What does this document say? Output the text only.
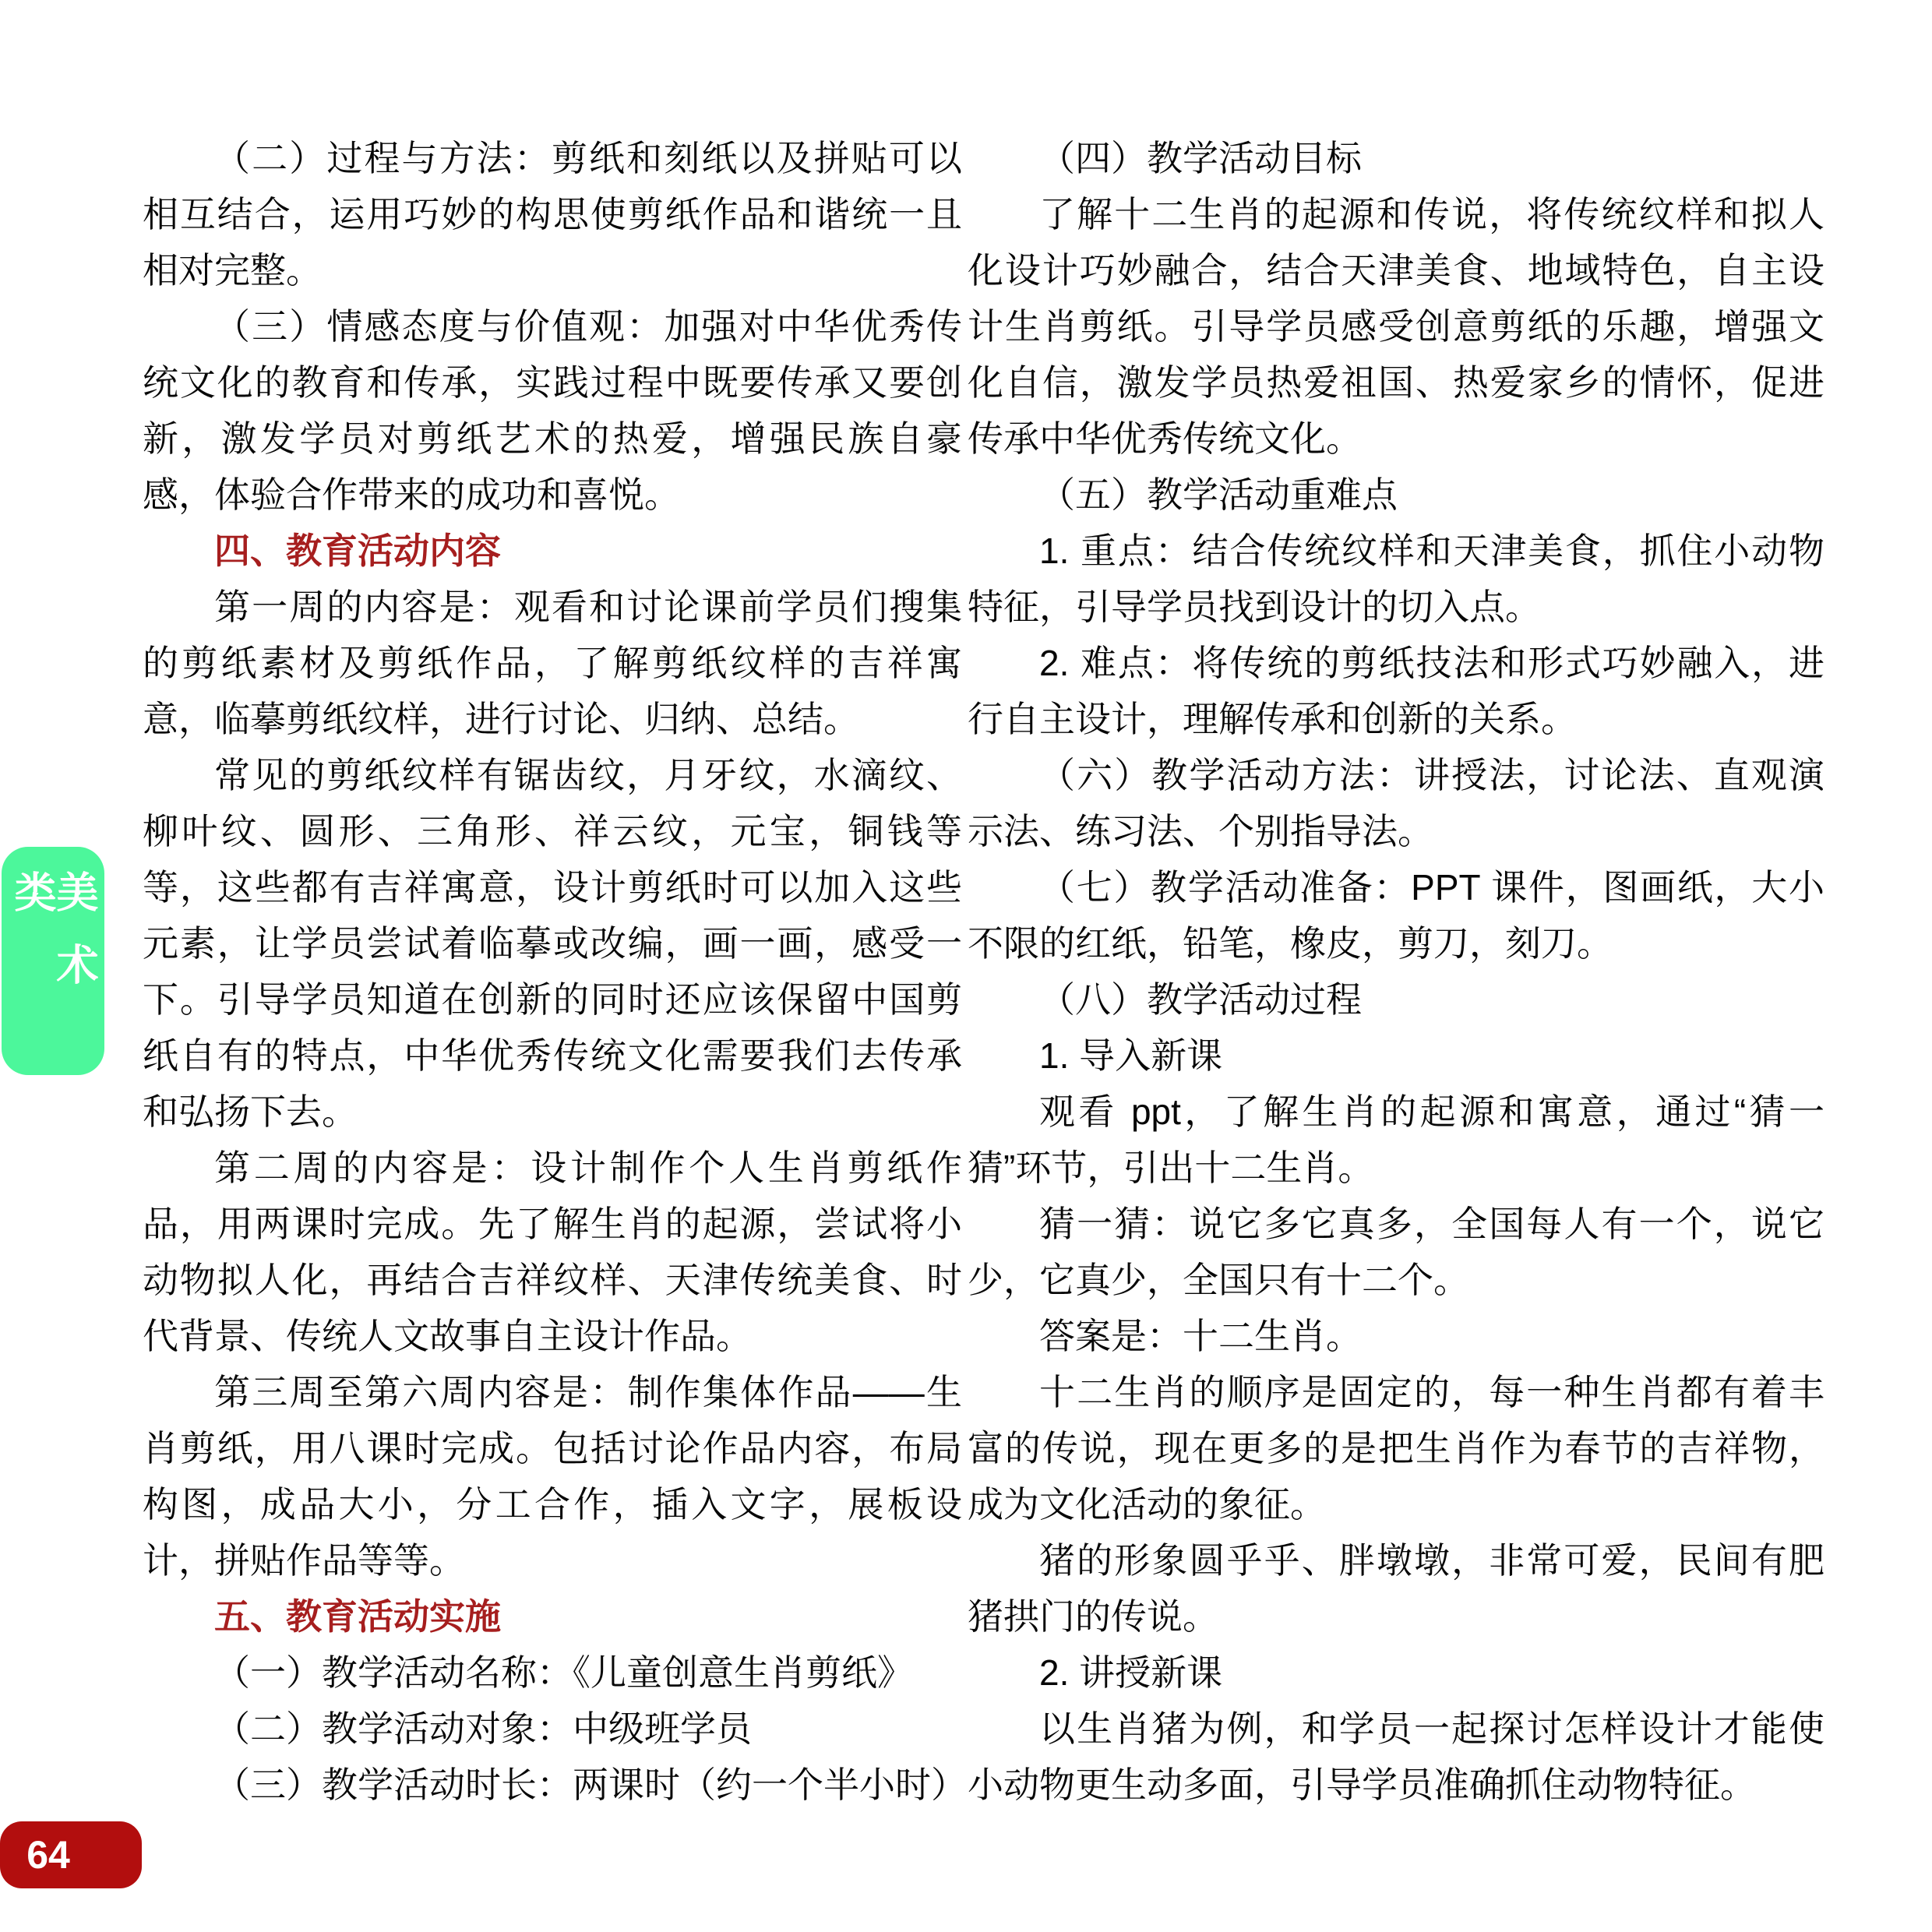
美术类

（二）过程与方法：剪纸和刻纸以及拼贴可以相互结合，运用巧妙的构思使剪纸作品和谐统一且相对完整。

（三）情感态度与价值观：加强对中华优秀传统文化的教育和传承，实践过程中既要传承又要创新，激发学员对剪纸艺术的热爱，增强民族自豪感，体验合作带来的成功和喜悦。

四、教育活动内容

第一周的内容是：观看和讨论课前学员们搜集的剪纸素材及剪纸作品，了解剪纸纹样的吉祥寓意，临摹剪纸纹样，进行讨论、归纳、总结。

常见的剪纸纹样有锯齿纹，月牙纹，水滴纹、柳叶纹、圆形、三角形、祥云纹，元宝，铜钱等等，这些都有吉祥寓意，设计剪纸时可以加入这些元素，让学员尝试着临摹或改编，画一画，感受一下。引导学员知道在创新的同时还应该保留中国剪纸自有的特点，中华优秀传统文化需要我们去传承和弘扬下去。

第二周的内容是：设计制作个人生肖剪纸作品，用两课时完成。先了解生肖的起源，尝试将小动物拟人化，再结合吉祥纹样、天津传统美食、时代背景、传统人文故事自主设计作品。

第三周至第六周内容是：制作集体作品——生肖剪纸，用八课时完成。包括讨论作品内容，布局构图，成品大小，分工合作，插入文字，展板设计，拼贴作品等等。

五、教育活动实施

（一）教学活动名称：《儿童创意生肖剪纸》

（二）教学活动对象：中级班学员

（三）教学活动时长：两课时（约一个半小时）

（四）教学活动目标

了解十二生肖的起源和传说，将传统纹样和拟人化设计巧妙融合，结合天津美食、地域特色，自主设计生肖剪纸。引导学员感受创意剪纸的乐趣，增强文化自信，激发学员热爱祖国、热爱家乡的情怀，促进传承中华优秀传统文化。

（五）教学活动重难点

1. 重点：结合传统纹样和天津美食，抓住小动物特征，引导学员找到设计的切入点。

2. 难点：将传统的剪纸技法和形式巧妙融入，进行自主设计，理解传承和创新的关系。

（六）教学活动方法：讲授法，讨论法、直观演示法、练习法、个别指导法。

（七）教学活动准备：PPT 课件，图画纸，大小不限的红纸，铅笔，橡皮，剪刀，刻刀。

（八）教学活动过程

1. 导入新课

观看 ppt，了解生肖的起源和寓意，通过“猜一猜”环节，引出十二生肖。

猜一猜：说它多它真多，全国每人有一个，说它少，它真少，全国只有十二个。

答案是：十二生肖。

十二生肖的顺序是固定的，每一种生肖都有着丰富的传说，现在更多的是把生肖作为春节的吉祥物，成为文化活动的象征。

猪的形象圆乎乎、胖墩墩，非常可爱，民间有肥猪拱门的传说。

2. 讲授新课

以生肖猪为例，和学员一起探讨怎样设计才能使小动物更生动多面，引导学员准确抓住动物特征。

64
